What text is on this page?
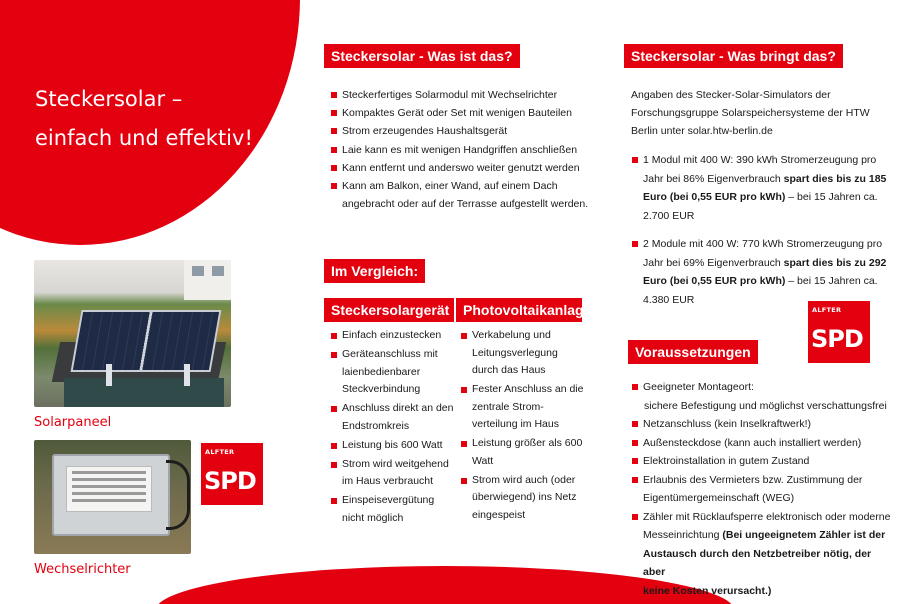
Steckersolar –
einfach und effektiv!
Solarpaneel
Wechselrichter
ALFTER
SPD
ALFTER
SPD
Steckersolar - Was ist das?
Steckerfertiges Solarmodul mit Wechselrichter
Kompaktes Gerät oder Set mit wenigen Bauteilen
Strom erzeugendes Haushaltsgerät
Laie kann es mit wenigen Handgriffen anschließen
Kann entfernt und anderswo weiter genutzt werden
Kann am Balkon, einer Wand, auf einem Dach
angebracht oder auf der Terrasse aufgestellt werden.
Im Vergleich:
Steckersolargerät Photovoltaikanlage
Einfach einzustecken
Geräteanschluss mit
laienbedienbarer
Steckverbindung
Anschluss direkt an den
Endstromkreis
Leistung bis 600 Watt
Strom wird weitgehend
im Haus verbraucht
Einspeisevergütung
nicht möglich
Verkabelung und
Leitungsverlegung
durch das Haus
Fester Anschluss an die
zentrale Strom-
verteilung im Haus
Leistung größer als 600
Watt
Strom wird auch (oder
überwiegend) ins Netz
eingespeist
Steckersolar - Was bringt das?
Angaben des Stecker-Solar-Simulators der
Forschungsgruppe Solarspeichersysteme der HTW
Berlin unter solar.htw-berlin.de
1 Modul mit 400 W: 390 kWh Stromerzeugung pro
Jahr bei 86% Eigenverbrauch spart dies bis zu 185
Euro (bei 0,55 EUR pro kWh) – bei 15 Jahren ca.
2.700 EUR
2 Module mit 400 W: 770 kWh Stromerzeugung pro
Jahr bei 69% Eigenverbrauch spart dies bis zu 292
Euro (bei 0,55 EUR pro kWh) – bei 15 Jahren ca.
4.380 EUR
Voraussetzungen
Geeigneter Montageort:
sichere Befestigung und möglichst verschattungsfrei
Netzanschluss (kein Inselkraftwerk!)
Außensteckdose (kann auch installiert werden)
Elektroinstallation in gutem Zustand
Erlaubnis des Vermieters bzw. Zustimmung der
Eigentümergemeinschaft (WEG)
Zähler mit Rücklaufsperre elektronisch oder moderne
Messeinrichtung (Bei ungeeignetem Zähler ist der
Austausch durch den Netzbetreiber nötig, der aber
keine Kosten verursacht.)
